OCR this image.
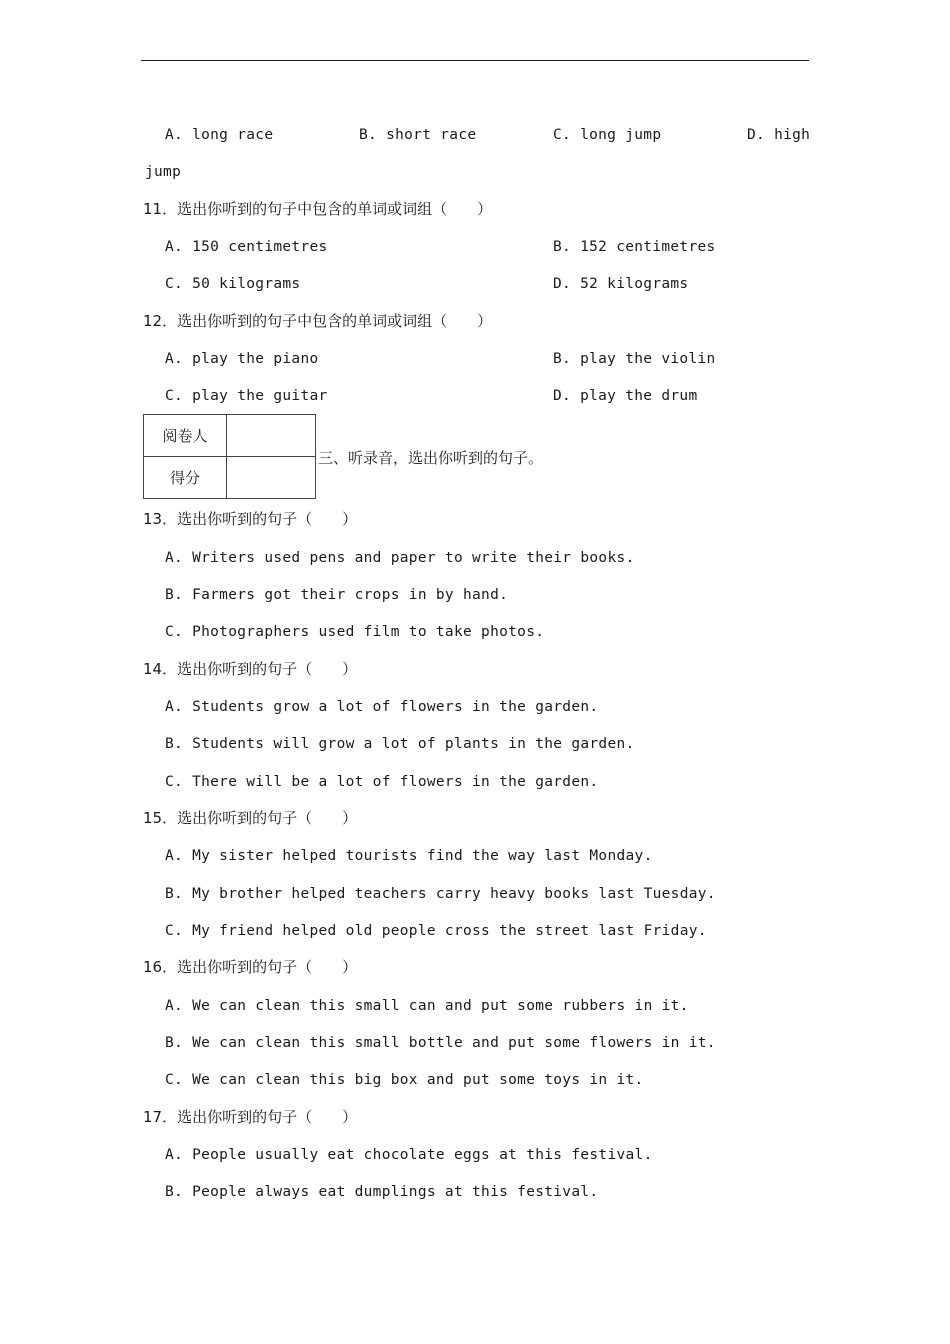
A. long race	B. short race	C. long jump	D. high
jump
11．选出你听到的句子中包含的单词或词组（　　）
A. 150 centimetres	B. 152 centimetres
C. 50 kilograms	D. 52 kilograms
12．选出你听到的句子中包含的单词或词组（　　）
A. play the piano	B. play the violin
C. play the guitar	D. play the drum
阅卷人	
得分	
三、听录音，选出你听到的句子。
13．选出你听到的句子（　　）
A. Writers used pens and paper to write their books.
B. Farmers got their crops in by hand.
C. Photographers used film to take photos.
14．选出你听到的句子（　　）
A. Students grow a lot of flowers in the garden.
B. Students will grow a lot of plants in the garden.
C. There will be a lot of flowers in the garden.
15．选出你听到的句子（　　）
A. My sister helped tourists find the way last Monday.
B. My brother helped teachers carry heavy books last Tuesday.
C. My friend helped old people cross the street last Friday.
16．选出你听到的句子（　　）
A. We can clean this small can and put some rubbers in it.
B. We can clean this small bottle and put some flowers in it.
C. We can clean this big box and put some toys in it.
17．选出你听到的句子（　　）
A. People usually eat chocolate eggs at this festival.
B. People always eat dumplings at this festival.
